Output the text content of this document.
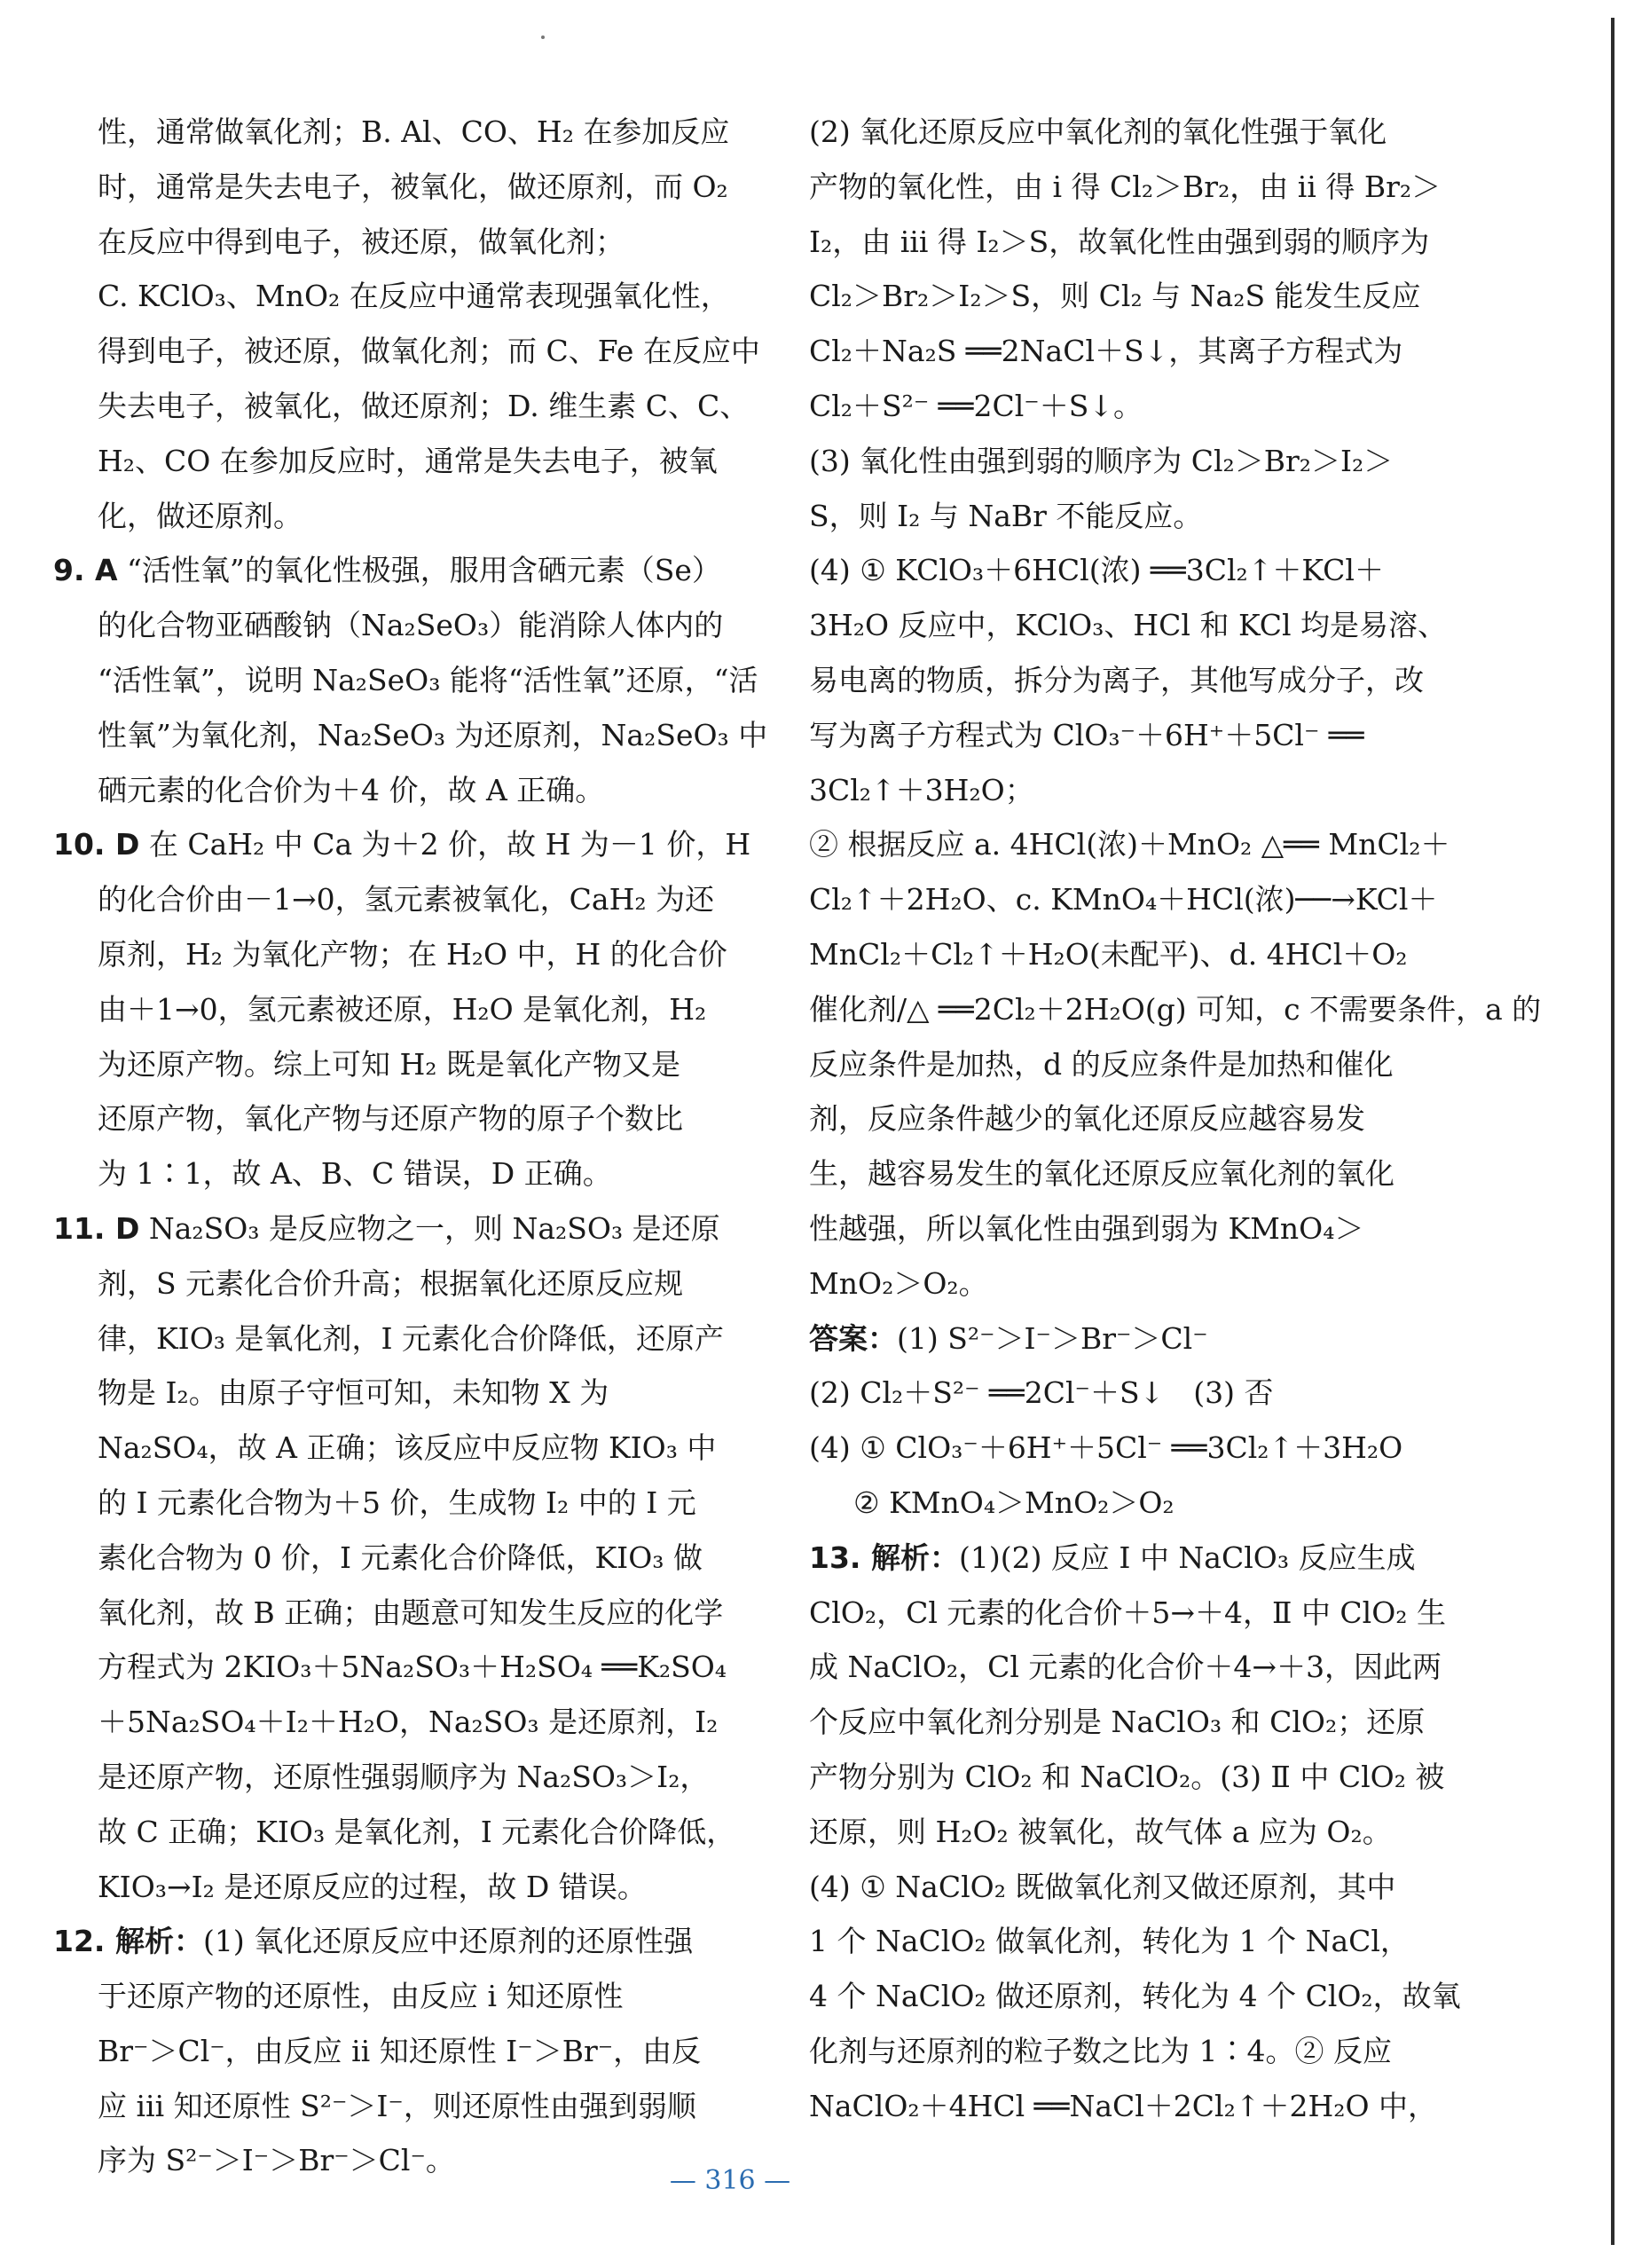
性，通常做氧化剂；B. Al、CO、H₂ 在参加反应
时，通常是失去电子，被氧化，做还原剂，而 O₂
在反应中得到电子，被还原，做氧化剂；
C. KClO₃、MnO₂ 在反应中通常表现强氧化性，
得到电子，被还原，做氧化剂；而 C、Fe 在反应中
失去电子，被氧化，做还原剂；D. 维生素 C、C、
H₂、CO 在参加反应时，通常是失去电子，被氧
化，做还原剂。
9. A “活性氧”的氧化性极强，服用含硒元素（Se）
的化合物亚硒酸钠（Na₂SeO₃）能消除人体内的
“活性氧”，说明 Na₂SeO₃ 能将“活性氧”还原，“活
性氧”为氧化剂，Na₂SeO₃ 为还原剂，Na₂SeO₃ 中
硒元素的化合价为＋4 价，故 A 正确。
10. D 在 CaH₂ 中 Ca 为＋2 价，故 H 为－1 价，H
的化合价由－1→0，氢元素被氧化，CaH₂ 为还
原剂，H₂ 为氧化产物；在 H₂O 中，H 的化合价
由＋1→0，氢元素被还原，H₂O 是氧化剂，H₂
为还原产物。综上可知 H₂ 既是氧化产物又是
还原产物，氧化产物与还原产物的原子个数比
为 1∶1，故 A、B、C 错误，D 正确。
11. D Na₂SO₃ 是反应物之一，则 Na₂SO₃ 是还原
剂，S 元素化合价升高；根据氧化还原反应规
律，KIO₃ 是氧化剂，I 元素化合价降低，还原产
物是 I₂。由原子守恒可知，未知物 X 为
Na₂SO₄，故 A 正确；该反应中反应物 KIO₃ 中
的 I 元素化合物为＋5 价，生成物 I₂ 中的 I 元
素化合物为 0 价，I 元素化合价降低，KIO₃ 做
氧化剂，故 B 正确；由题意可知发生反应的化学
方程式为 2KIO₃＋5Na₂SO₃＋H₂SO₄ ══K₂SO₄
＋5Na₂SO₄＋I₂＋H₂O，Na₂SO₃ 是还原剂，I₂
是还原产物，还原性强弱顺序为 Na₂SO₃＞I₂，
故 C 正确；KIO₃ 是氧化剂，I 元素化合价降低，
KIO₃→I₂ 是还原反应的过程，故 D 错误。
12. 解析：(1) 氧化还原反应中还原剂的还原性强
于还原产物的还原性，由反应 ⅰ 知还原性
Br⁻＞Cl⁻，由反应 ⅱ 知还原性 I⁻＞Br⁻，由反
应 ⅲ 知还原性 S²⁻＞I⁻，则还原性由强到弱顺
序为 S²⁻＞I⁻＞Br⁻＞Cl⁻。
(2) 氧化还原反应中氧化剂的氧化性强于氧化
产物的氧化性，由 ⅰ 得 Cl₂＞Br₂，由 ⅱ 得 Br₂＞
I₂，由 ⅲ 得 I₂＞S，故氧化性由强到弱的顺序为
Cl₂＞Br₂＞I₂＞S，则 Cl₂ 与 Na₂S 能发生反应
Cl₂＋Na₂S ══2NaCl＋S↓，其离子方程式为
Cl₂＋S²⁻ ══2Cl⁻＋S↓。
(3) 氧化性由强到弱的顺序为 Cl₂＞Br₂＞I₂＞
S，则 I₂ 与 NaBr 不能反应。
(4) ① KClO₃＋6HCl(浓) ══3Cl₂↑＋KCl＋
3H₂O 反应中，KClO₃、HCl 和 KCl 均是易溶、
易电离的物质，拆分为离子，其他写成分子，改
写为离子方程式为 ClO₃⁻＋6H⁺＋5Cl⁻ ══
3Cl₂↑＋3H₂O；
② 根据反应 a. 4HCl(浓)＋MnO₂ △══ MnCl₂＋
Cl₂↑＋2H₂O、c. KMnO₄＋HCl(浓)──→KCl＋
MnCl₂＋Cl₂↑＋H₂O(未配平)、d. 4HCl＋O₂
催化剂/△ ══2Cl₂＋2H₂O(g) 可知，c 不需要条件，a 的
反应条件是加热，d 的反应条件是加热和催化
剂，反应条件越少的氧化还原反应越容易发
生，越容易发生的氧化还原反应氧化剂的氧化
性越强，所以氧化性由强到弱为 KMnO₄＞
MnO₂＞O₂。
答案：(1) S²⁻＞I⁻＞Br⁻＞Cl⁻
(2) Cl₂＋S²⁻ ══2Cl⁻＋S↓　(3) 否
(4) ① ClO₃⁻＋6H⁺＋5Cl⁻ ══3Cl₂↑＋3H₂O
② KMnO₄＞MnO₂＞O₂
13. 解析：(1)(2) 反应 Ⅰ 中 NaClO₃ 反应生成
ClO₂，Cl 元素的化合价＋5→＋4，Ⅱ 中 ClO₂ 生
成 NaClO₂，Cl 元素的化合价＋4→＋3，因此两
个反应中氧化剂分别是 NaClO₃ 和 ClO₂；还原
产物分别为 ClO₂ 和 NaClO₂。(3) Ⅱ 中 ClO₂ 被
还原，则 H₂O₂ 被氧化，故气体 a 应为 O₂。
(4) ① NaClO₂ 既做氧化剂又做还原剂，其中
1 个 NaClO₂ 做氧化剂，转化为 1 个 NaCl，
4 个 NaClO₂ 做还原剂，转化为 4 个 ClO₂，故氧
化剂与还原剂的粒子数之比为 1∶4。② 反应
NaClO₂＋4HCl ══NaCl＋2Cl₂↑＋2H₂O 中，
— 316 —
